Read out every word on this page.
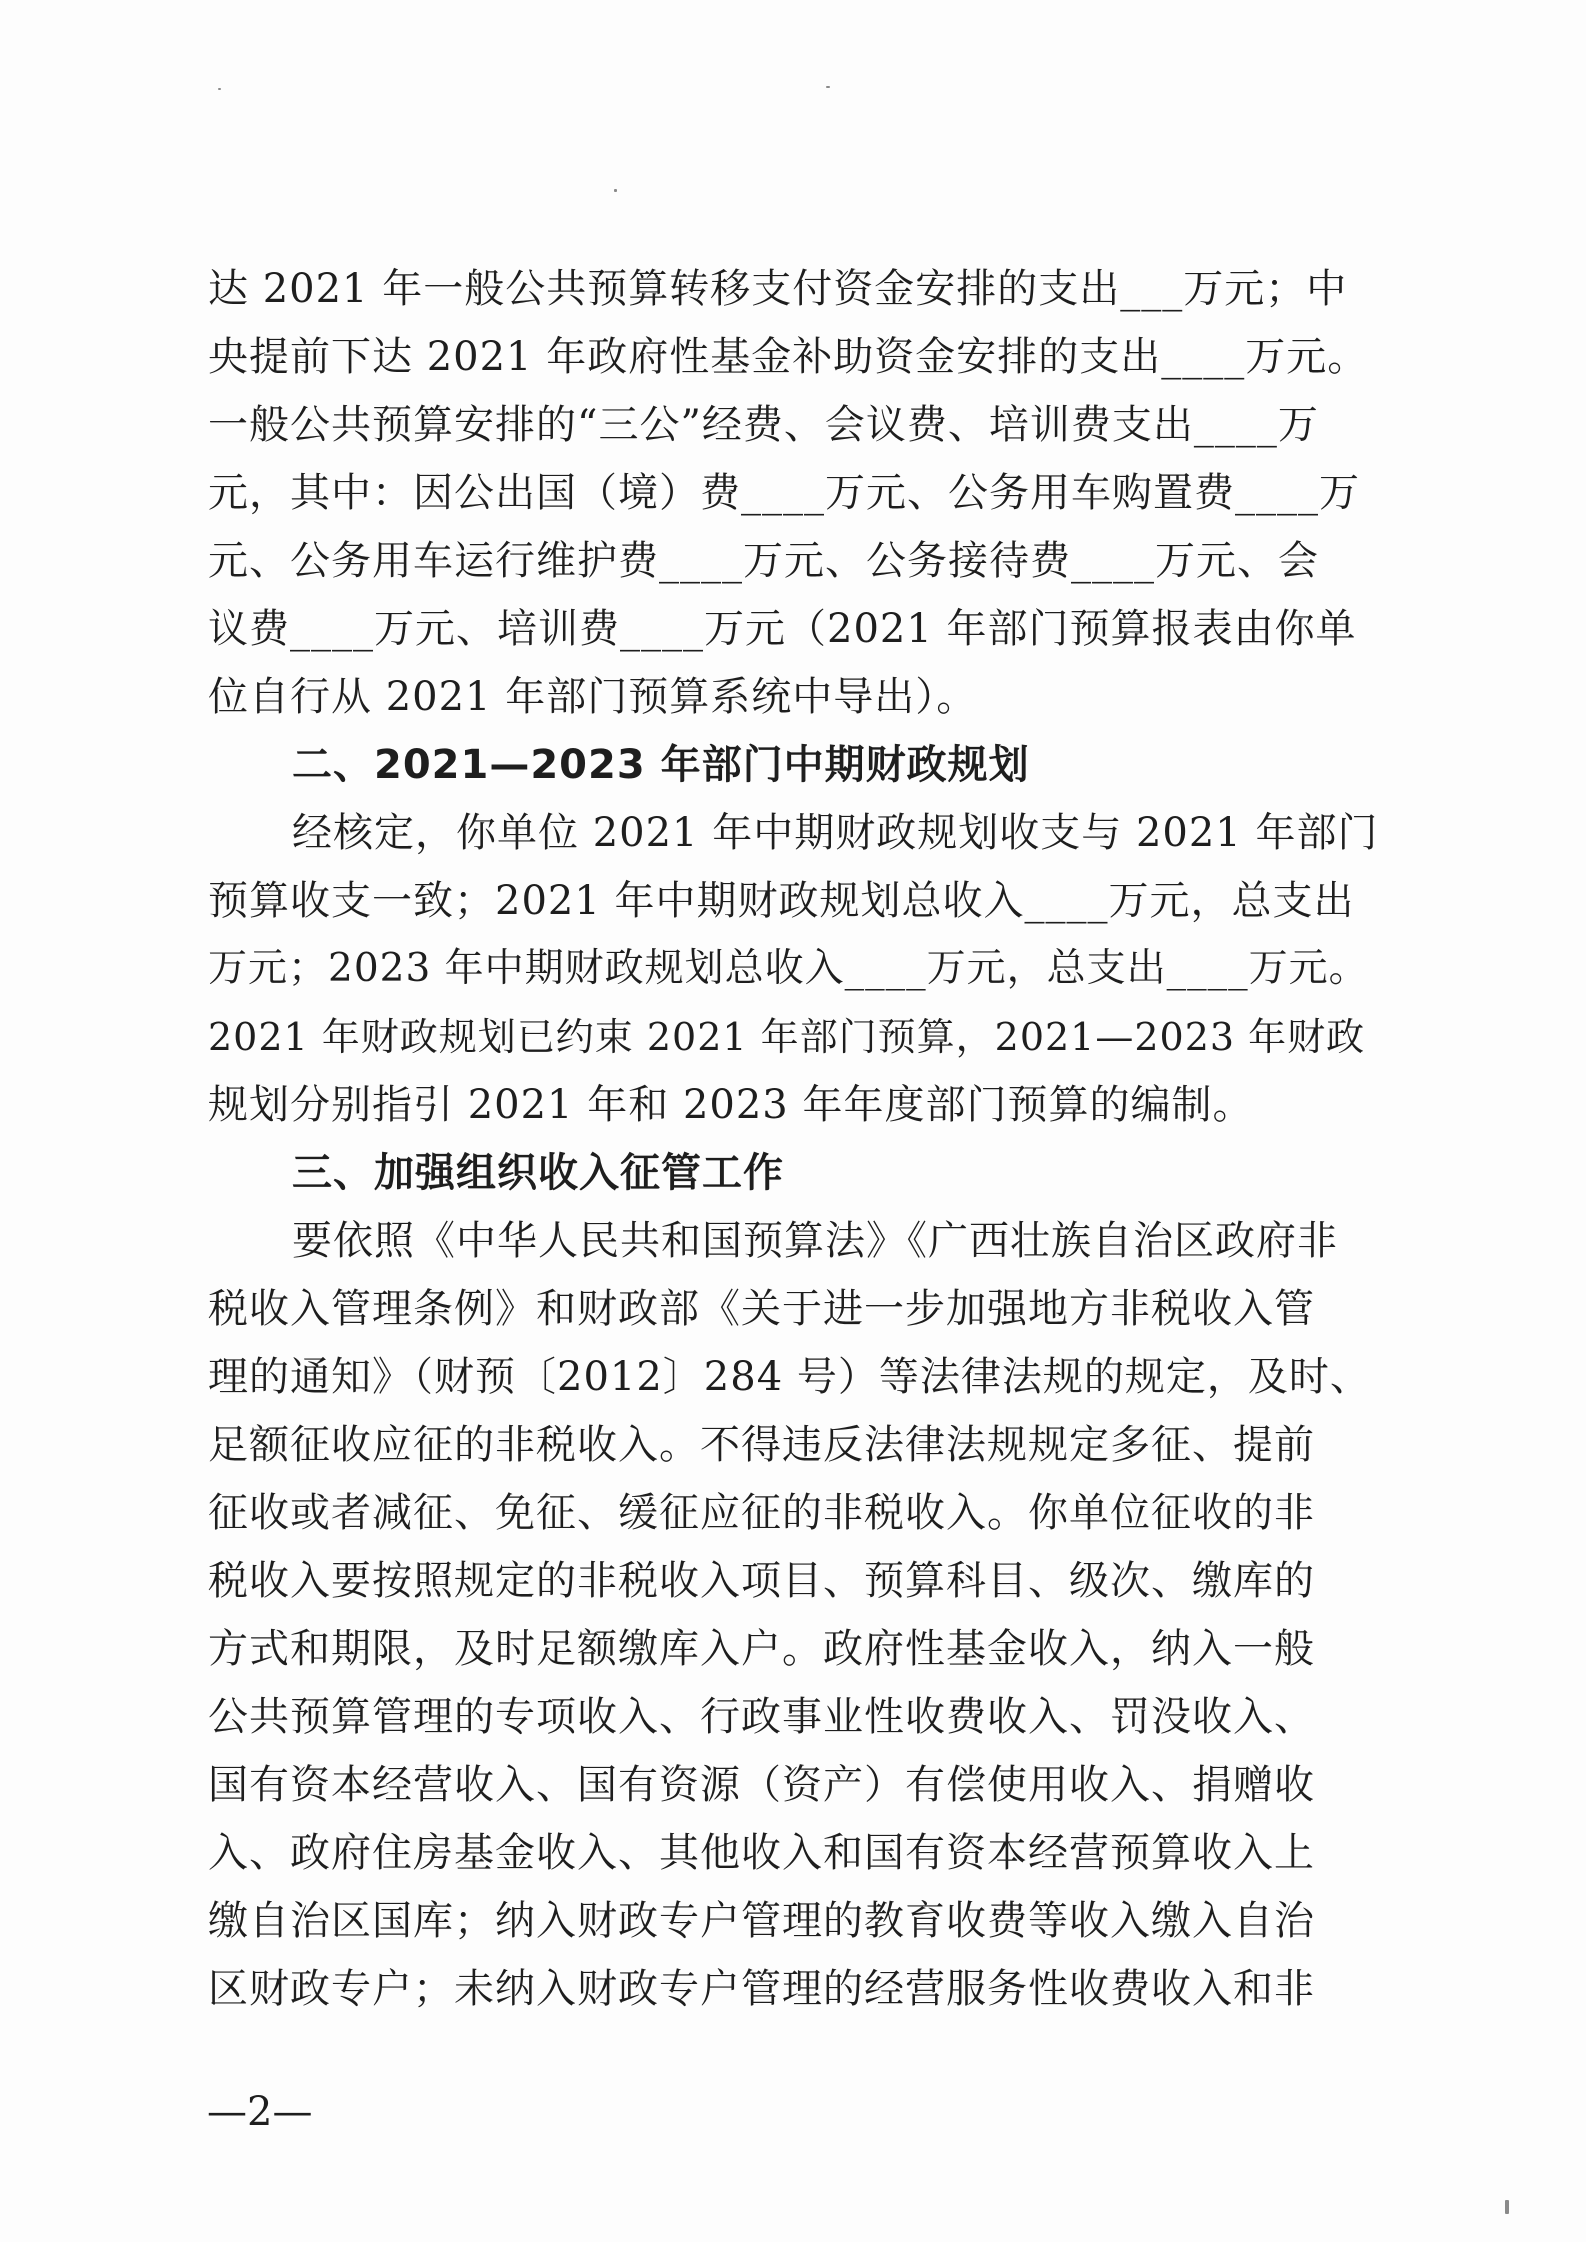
达 2021 年一般公共预算转移支付资金安排的支出___万元；中
央提前下达 2021 年政府性基金补助资金安排的支出____万元。
一般公共预算安排的“三公”经费、会议费、培训费支出____万
元，其中：因公出国（境）费____万元、公务用车购置费____万
元、公务用车运行维护费____万元、公务接待费____万元、会
议费____万元、培训费____万元（2021 年部门预算报表由你单
位自行从 2021 年部门预算系统中导出）。
二、2021—2023 年部门中期财政规划
经核定，你单位 2021 年中期财政规划收支与 2021 年部门
预算收支一致；2021 年中期财政规划总收入____万元，总支出
万元；2023 年中期财政规划总收入____万元，总支出____万元。
2021 年财政规划已约束 2021 年部门预算，2021—2023 年财政
规划分别指引 2021 年和 2023 年年度部门预算的编制。
三、加强组织收入征管工作
要依照《中华人民共和国预算法》《广西壮族自治区政府非
税收入管理条例》和财政部《关于进一步加强地方非税收入管
理的通知》（财预〔2012〕284 号）等法律法规的规定，及时、
足额征收应征的非税收入。不得违反法律法规规定多征、提前
征收或者减征、免征、缓征应征的非税收入。你单位征收的非
税收入要按照规定的非税收入项目、预算科目、级次、缴库的
方式和期限，及时足额缴库入户。政府性基金收入，纳入一般
公共预算管理的专项收入、行政事业性收费收入、罚没收入、
国有资本经营收入、国有资源（资产）有偿使用收入、捐赠收
入、政府住房基金收入、其他收入和国有资本经营预算收入上
缴自治区国库；纳入财政专户管理的教育收费等收入缴入自治
区财政专户；未纳入财政专户管理的经营服务性收费收入和非
—2—
